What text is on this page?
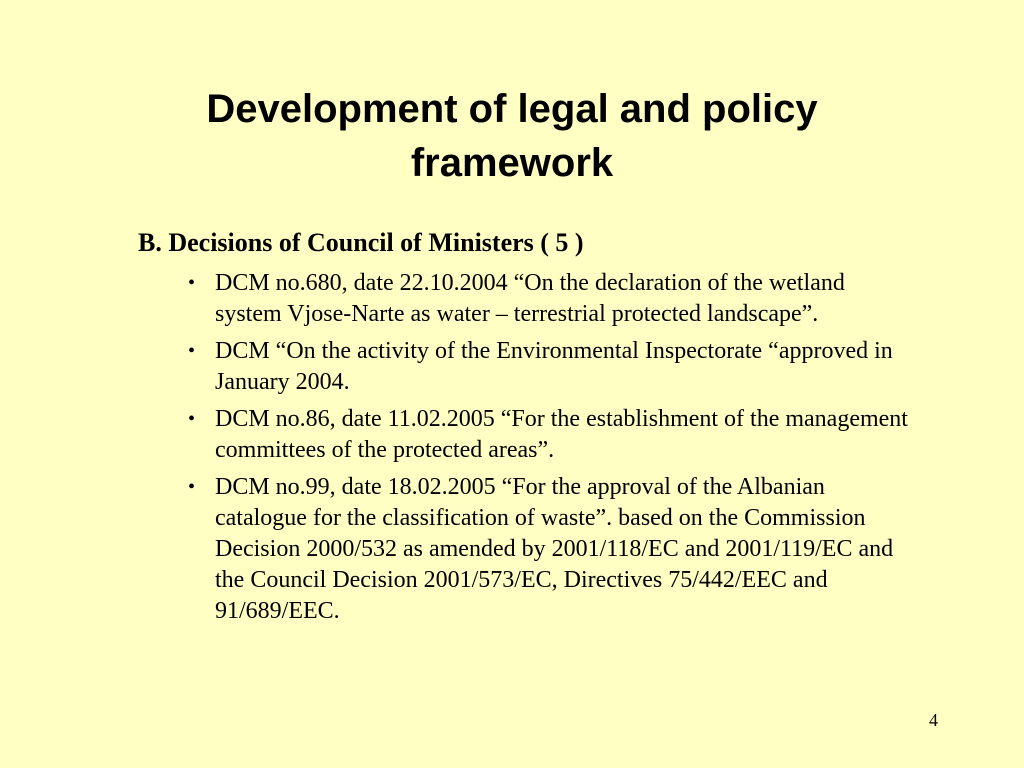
Development of legal and policy
framework

B. Decisions of Council of Ministers ( 5 )

• DCM no.680, date 22.10.2004 “On the declaration of the wetland system Vjose-Narte as water – terrestrial protected landscape”.
• DCM “On the activity of the Environmental Inspectorate “approved in January 2004.
• DCM no.86, date 11.02.2005 “For the establishment of the management committees of the protected areas”.
• DCM no.99, date 18.02.2005 “For the approval of the Albanian catalogue for the classification of waste”. based on the Commission Decision 2000/532 as amended by 2001/118/EC and 2001/119/EC and the Council Decision 2001/573/EC, Directives 75/442/EEC and 91/689/EEC.
4
